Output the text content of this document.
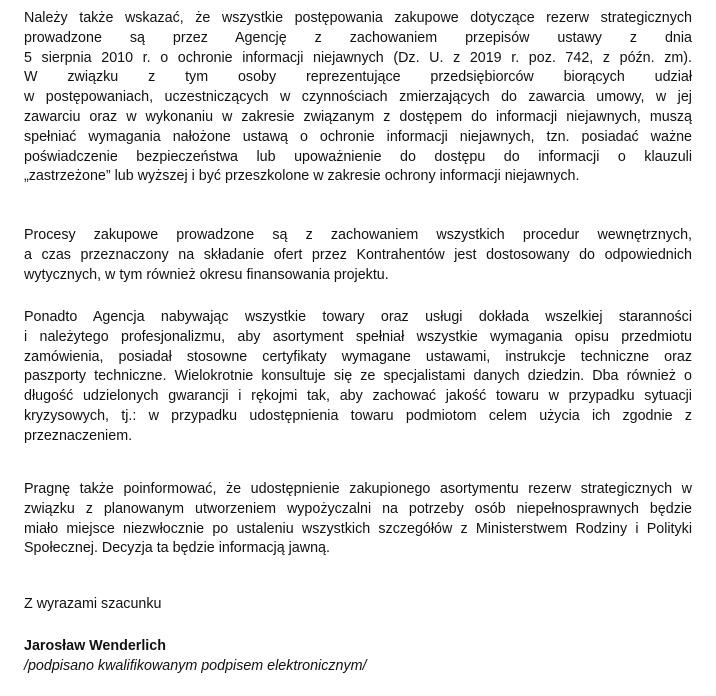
Należy także wskazać, że wszystkie postępowania zakupowe dotyczące rezerw strategicznych
prowadzone są przez Agencję z zachowaniem przepisów ustawy z dnia
5 sierpnia 2010 r. o ochronie informacji niejawnych (Dz. U. z 2019 r. poz. 742, z późn. zm).
W związku z tym osoby reprezentujące przedsiębiorców biorących udział
w postępowaniach, uczestniczących w czynnościach zmierzających do zawarcia umowy, w jej
zawarciu oraz w wykonaniu w zakresie związanym z dostępem do informacji niejawnych, muszą
spełniać wymagania nałożone ustawą o ochronie informacji niejawnych, tzn. posiadać ważne
poświadczenie bezpieczeństwa lub upoważnienie do dostępu do informacji o klauzuli
„zastrzeżone” lub wyższej i być przeszkolone w zakresie ochrony informacji niejawnych.
Procesy zakupowe prowadzone są z zachowaniem wszystkich procedur wewnętrznych,
a czas przeznaczony na składanie ofert przez Kontrahentów jest dostosowany do odpowiednich
wytycznych, w tym również okresu finansowania projektu.
Ponadto Agencja nabywając wszystkie towary oraz usługi dokłada wszelkiej staranności
i należytego profesjonalizmu, aby asortyment spełniał wszystkie wymagania opisu przedmiotu
zamówienia, posiadał stosowne certyfikaty wymagane ustawami, instrukcje techniczne oraz
paszporty techniczne. Wielokrotnie konsultuje się ze specjalistami danych dziedzin. Dba również o
długość udzielonych gwarancji i rękojmi tak, aby zachować jakość towaru w przypadku sytuacji
kryzysowych, tj.: w przypadku udostępnienia towaru podmiotom celem użycia ich zgodnie z
przeznaczeniem.
Pragnę także poinformować, że udostępnienie zakupionego asortymentu rezerw strategicznych w
związku z planowanym utworzeniem wypożyczalni na potrzeby osób niepełnosprawnych będzie
miało miejsce niezwłocznie po ustaleniu wszystkich szczegółów z Ministerstwem Rodziny i Polityki
Społecznej. Decyzja ta będzie informacją jawną.
Z wyrazami szacunku
Jarosław Wenderlich
/podpisano kwalifikowanym podpisem elektronicznym/
